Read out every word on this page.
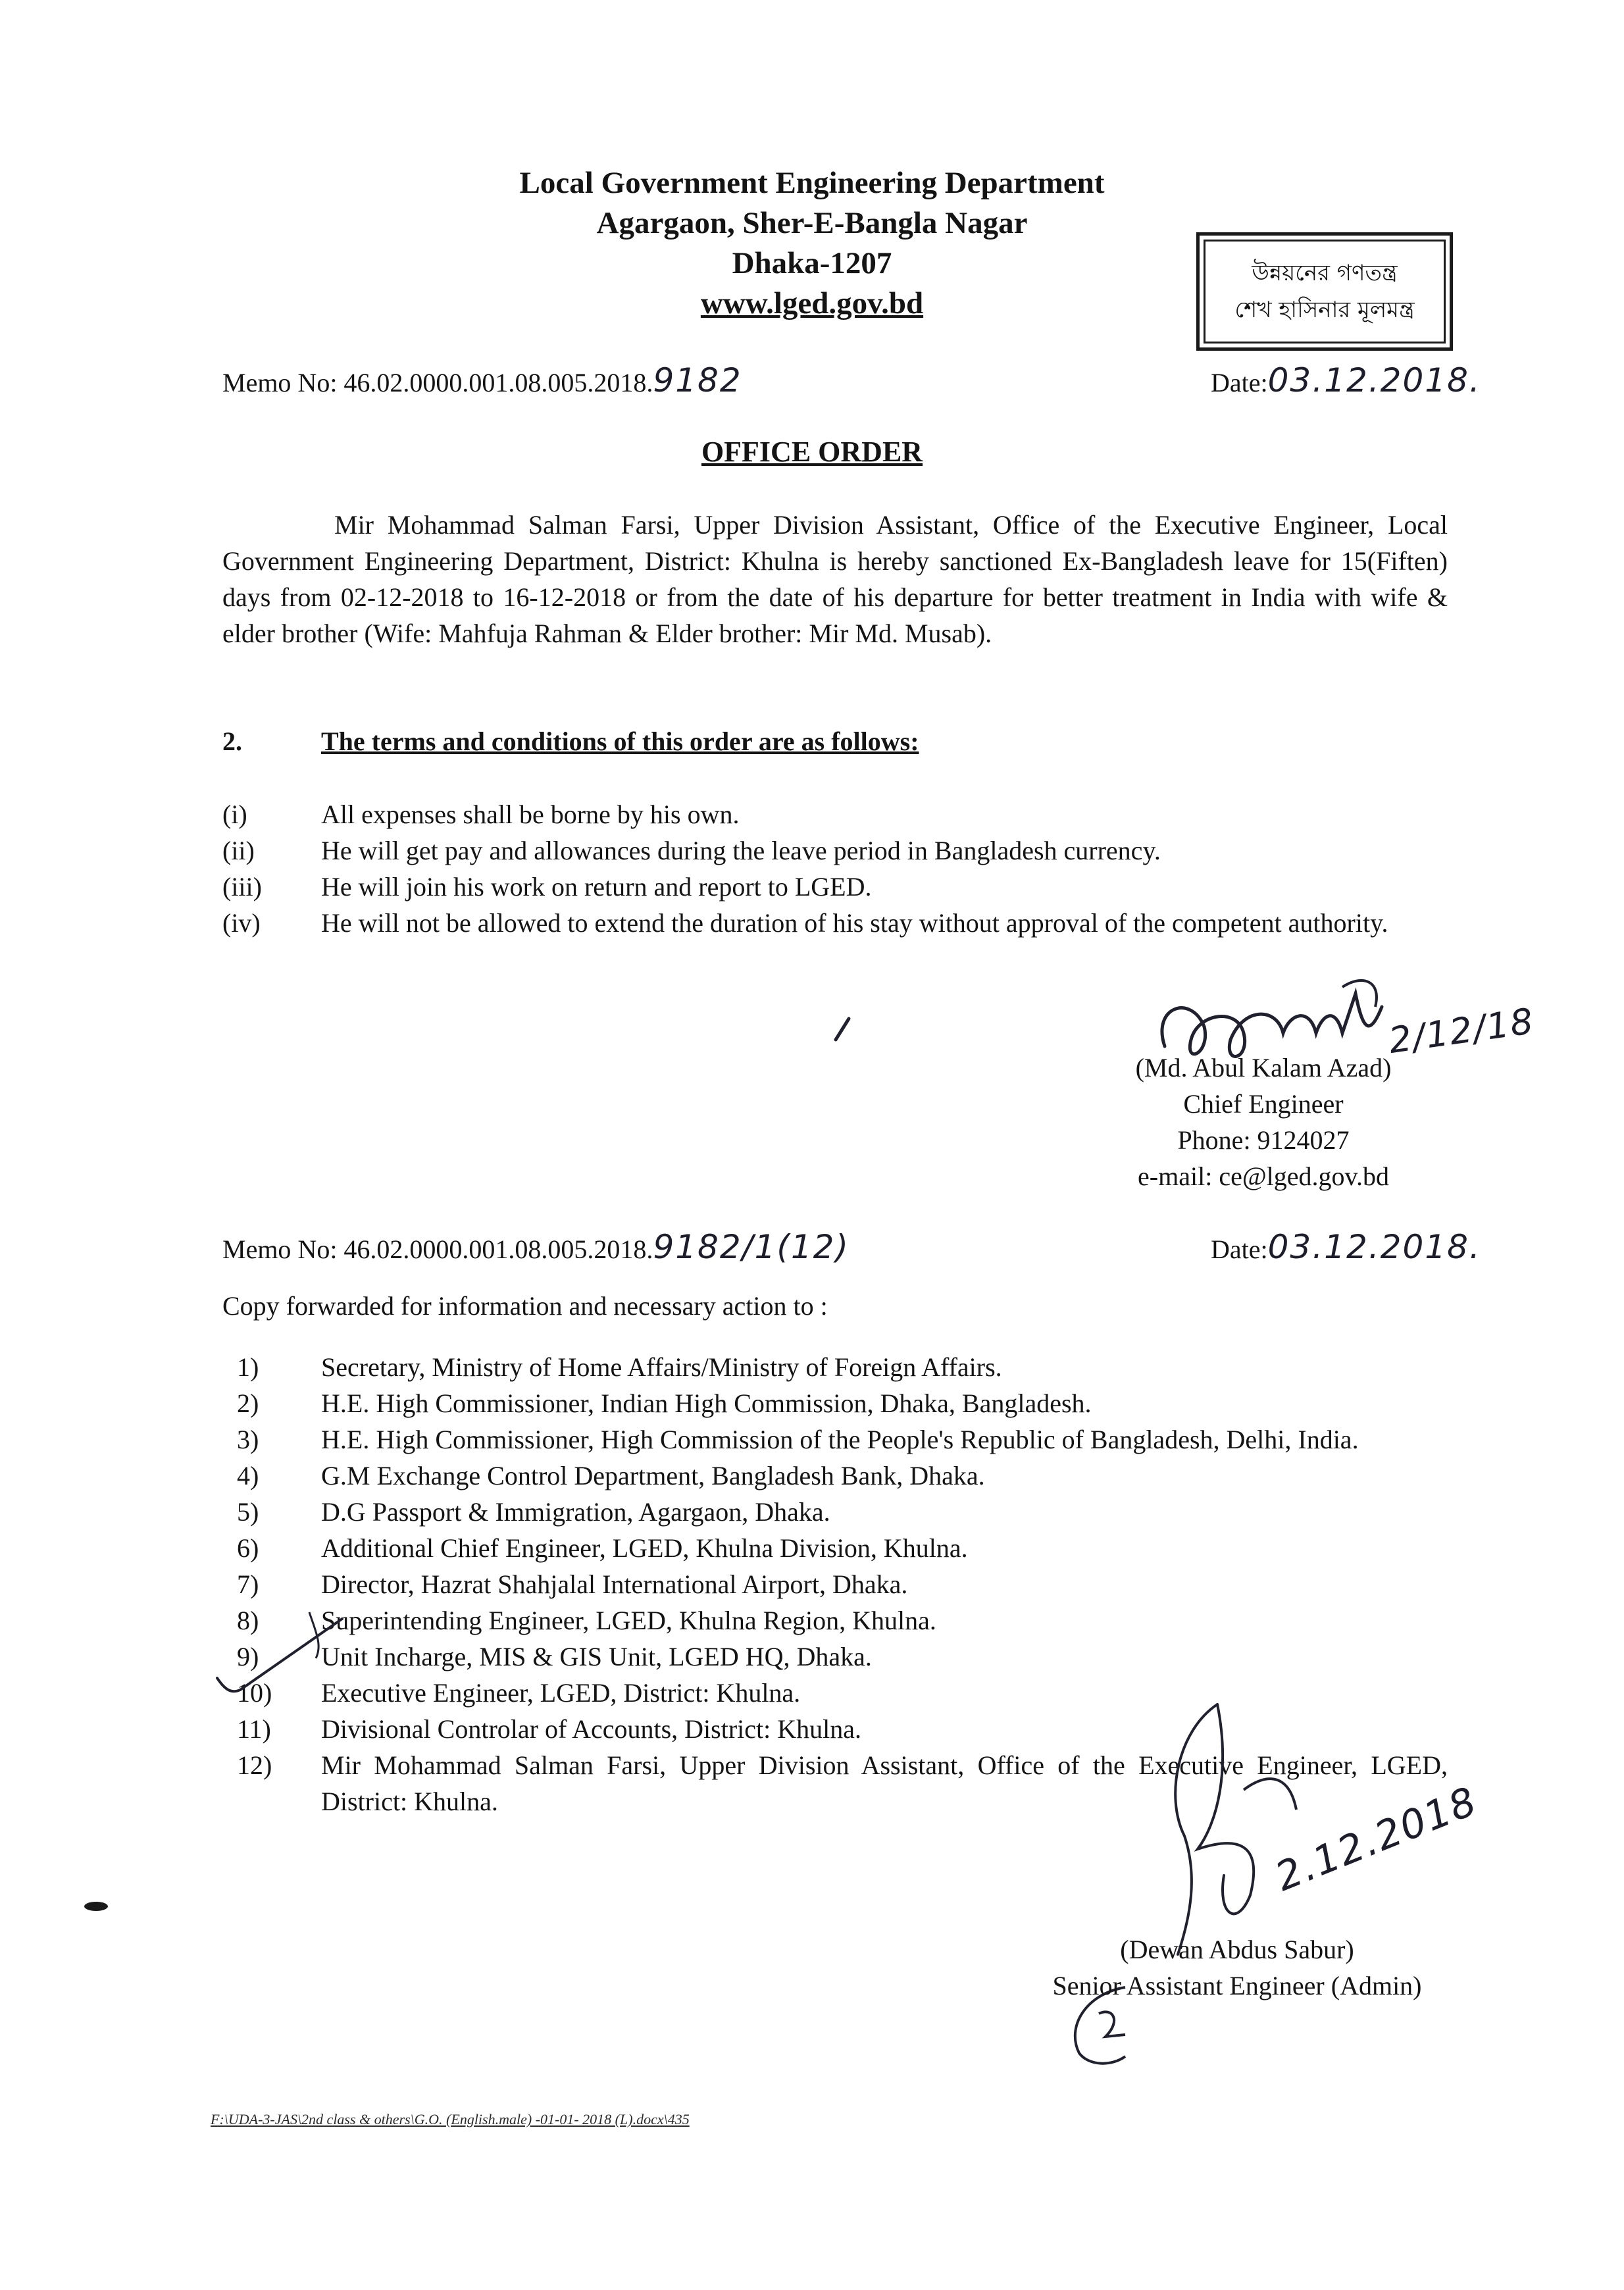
Local Government Engineering Department
Agargaon, Sher-E-Bangla Nagar
Dhaka-1207
www.lged.gov.bd
উন্নয়নের গণতন্ত্র
শেখ হাসিনার মূলমন্ত্র
Memo No: 46.02.0000.001.08.005.2018.9182	Date:03.12.2018.
OFFICE ORDER
Mir Mohammad Salman Farsi, Upper Division Assistant, Office of the Executive Engineer, Local Government Engineering Department, District: Khulna is hereby sanctioned Ex-Bangladesh leave for 15(Fiften) days from 02-12-2018 to 16-12-2018 or from the date of his departure for better treatment in India with wife & elder brother (Wife: Mahfuja Rahman & Elder brother: Mir Md. Musab).
2.	The terms and conditions of this order are as follows:
(i)	All expenses shall be borne by his own.
(ii)	He will get pay and allowances during the leave period in Bangladesh currency.
(iii)	He will join his work on return and report to LGED.
(iv)	He will not be allowed to extend the duration of his stay without approval of the competent authority.
2/12/18
(Md. Abul Kalam Azad)
Chief Engineer
Phone: 9124027
e-mail: ce@lged.gov.bd
Memo No: 46.02.0000.001.08.005.2018.9182/1(12)	Date:03.12.2018.
Copy forwarded for information and necessary action to :
1)	Secretary, Ministry of Home Affairs/Ministry of Foreign Affairs.
2)	H.E. High Commissioner, Indian High Commission, Dhaka, Bangladesh.
3)	H.E. High Commissioner, High Commission of the People's Republic of Bangladesh, Delhi, India.
4)	G.M Exchange Control Department, Bangladesh Bank, Dhaka.
5)	D.G Passport & Immigration, Agargaon, Dhaka.
6)	Additional Chief Engineer, LGED, Khulna Division, Khulna.
7)	Director, Hazrat Shahjalal International Airport, Dhaka.
8)	Superintending Engineer, LGED, Khulna Region, Khulna.
9)	Unit Incharge, MIS & GIS Unit, LGED HQ, Dhaka.
10)	Executive Engineer, LGED, District: Khulna.
11)	Divisional Controlar of Accounts, District: Khulna.
12)	Mir Mohammad Salman Farsi, Upper Division Assistant, Office of the Executive Engineer, LGED, District: Khulna.	2.12.2018
(Dewan Abdus Sabur)
Senior Assistant Engineer (Admin)
F:\UDA-3-JAS\2nd class & others\G.O. (English.male) -01-01- 2018 (L).docx\435
